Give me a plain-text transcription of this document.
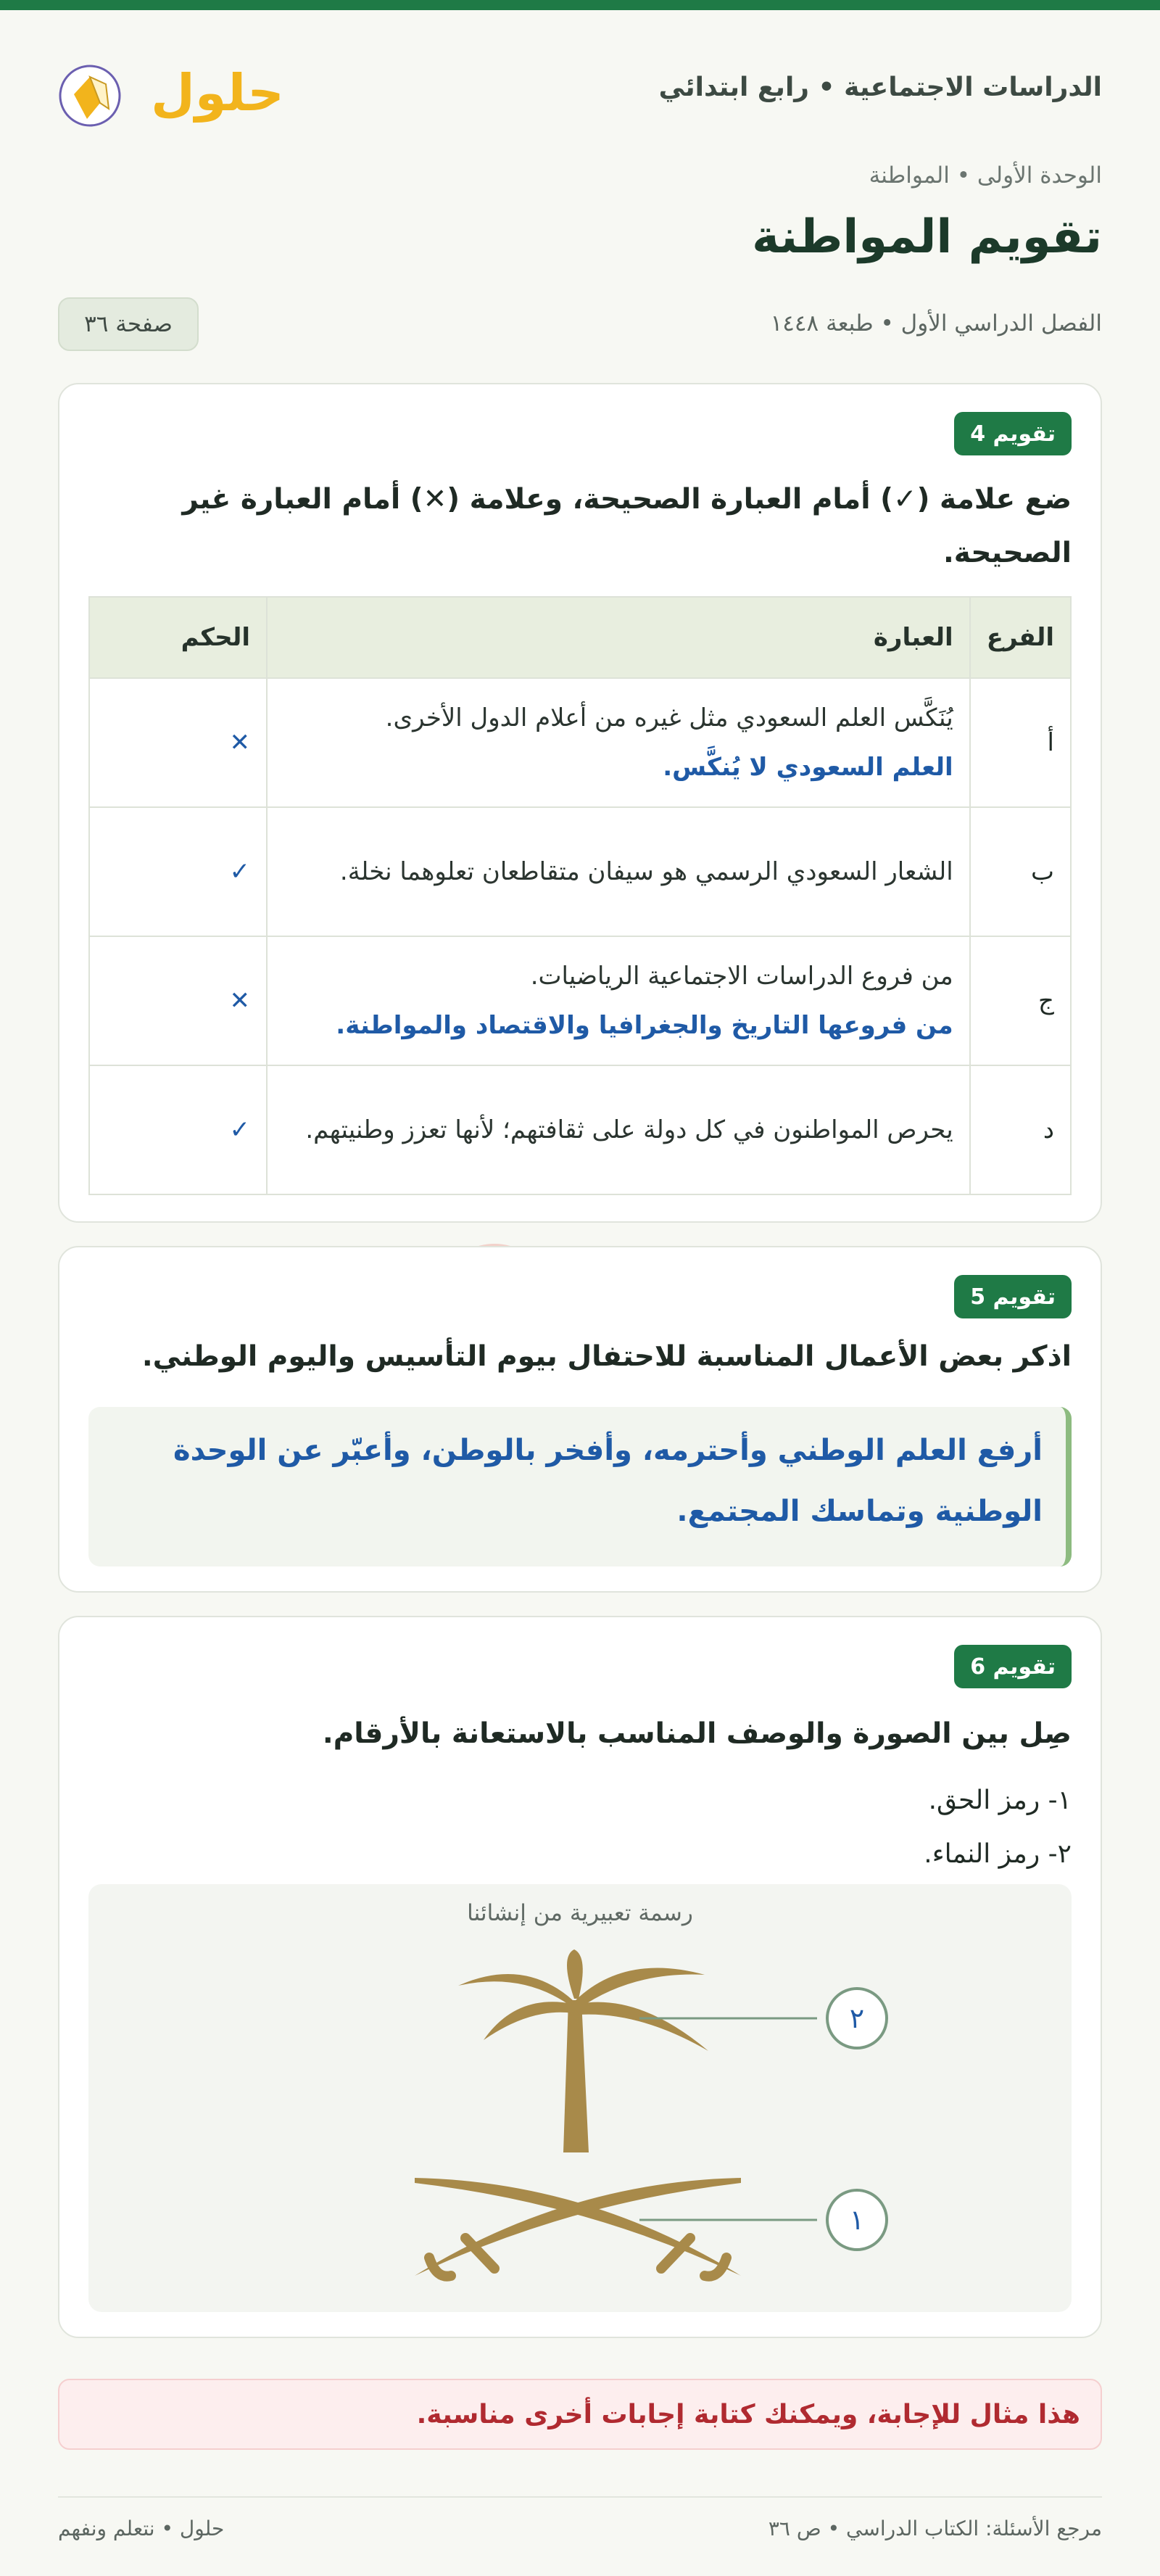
الدراسات الاجتماعية • رابع ابتدائي
حلول
الوحدة الأولى • المواطنة
تقويم المواطنة
الفصل الدراسي الأول • طبعة ١٤٤٨
صفحة ٣٦
تقويم 4
ضع علامة (✓) أمام العبارة الصحيحة، وعلامة (✕) أمام العبارة غير الصحيحة.
الفرع	العبارة	الحكم
أ	يُنَكَّس العلم السعودي مثل غيره من أعلام الدول الأخرى.
العلم السعودي لا يُنكَّس.	✕
ب	الشعار السعودي الرسمي هو سيفان متقاطعان تعلوهما نخلة.	✓
ج	من فروع الدراسات الاجتماعية الرياضيات.
من فروعها التاريخ والجغرافيا والاقتصاد والمواطنة.	✕
د	يحرص المواطنون في كل دولة على ثقافتهم؛ لأنها تعزز وطنيتهم.	✓
تقويم 5
اذكر بعض الأعمال المناسبة للاحتفال بيوم التأسيس واليوم الوطني.
أرفع العلم الوطني وأحترمه، وأفخر بالوطن، وأعبّر عن الوحدة الوطنية وتماسك المجتمع.
تقويم 6
صِل بين الصورة والوصف المناسب بالاستعانة بالأرقام.
١- رمز الحق.
٢- رمز النماء.
رسمة تعبيرية من إنشائنا
٢
١
هذا مثال للإجابة، ويمكنك كتابة إجابات أخرى مناسبة.
مرجع الأسئلة: الكتاب الدراسي • ص ٣٦
حلول • نتعلم ونفهم
